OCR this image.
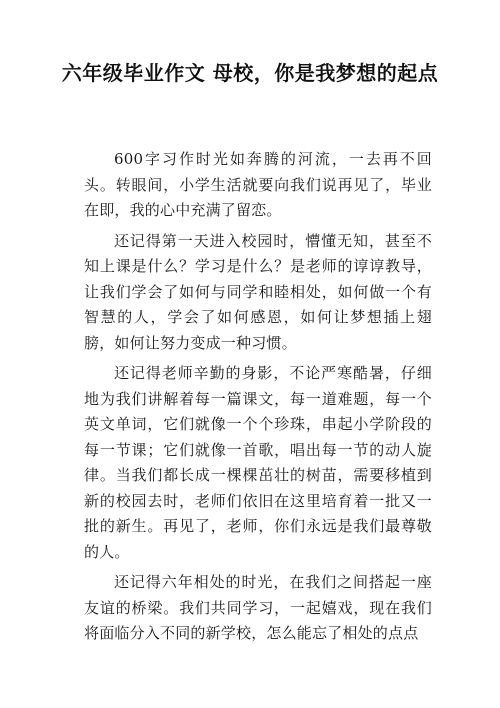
六年级毕业作文 母校，你是我梦想的起点

600字习作时光如奔腾的河流，一去再不回头。转眼间，小学生活就要向我们说再见了，毕业在即，我的心中充满了留恋。

还记得第一天进入校园时，懵懂无知，甚至不知上课是什么？学习是什么？是老师的谆谆教导，让我们学会了如何与同学和睦相处，如何做一个有智慧的人，学会了如何感恩，如何让梦想插上翅膀，如何让努力变成一种习惯。

还记得老师辛勤的身影，不论严寒酷暑，仔细地为我们讲解着每一篇课文，每一道难题，每一个英文单词，它们就像一个个珍珠，串起小学阶段的每一节课；它们就像一首歌，唱出每一节的动人旋律。当我们都长成一棵棵茁壮的树苗，需要移植到新的校园去时，老师们依旧在这里培育着一批又一批的新生。再见了，老师，你们永远是我们最尊敬的人。

还记得六年相处的时光，在我们之间搭起一座友谊的桥梁。我们共同学习，一起嬉戏，现在我们将面临分入不同的新学校，怎么能忘了相处的点点
